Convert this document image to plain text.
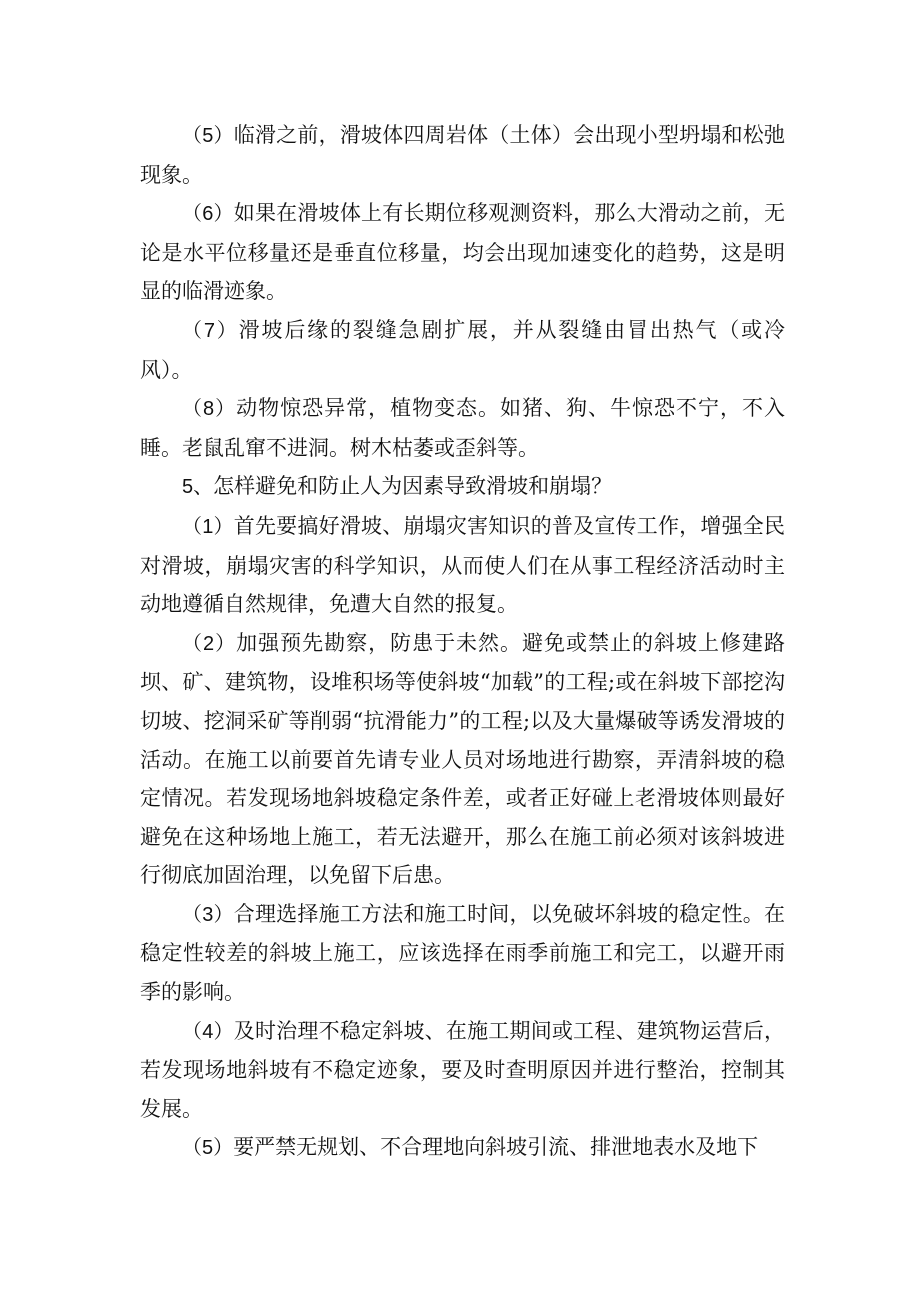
（5）临滑之前，滑坡体四周岩体（土体）会出现小型坍塌和松弛现象。

（6）如果在滑坡体上有长期位移观测资料，那么大滑动之前，无论是水平位移量还是垂直位移量，均会出现加速变化的趋势，这是明显的临滑迹象。

（7）滑坡后缘的裂缝急剧扩展，并从裂缝由冒出热气（或冷风）。

（8）动物惊恐异常，植物变态。如猪、狗、牛惊恐不宁，不入睡。老鼠乱窜不进洞。树木枯萎或歪斜等。

5、怎样避免和防止人为因素导致滑坡和崩塌？

（1）首先要搞好滑坡、崩塌灾害知识的普及宣传工作，增强全民对滑坡，崩塌灾害的科学知识，从而使人们在从事工程经济活动时主动地遵循自然规律，免遭大自然的报复。

（2）加强预先勘察，防患于未然。避免或禁止的斜坡上修建路坝、矿、建筑物，设堆积场等使斜坡“加载”的工程;或在斜坡下部挖沟切坡、挖洞采矿等削弱“抗滑能力”的工程;以及大量爆破等诱发滑坡的活动。在施工以前要首先请专业人员对场地进行勘察，弄清斜坡的稳定情况。若发现场地斜坡稳定条件差，或者正好碰上老滑坡体则最好避免在这种场地上施工，若无法避开，那么在施工前必须对该斜坡进行彻底加固治理，以免留下后患。

（3）合理选择施工方法和施工时间，以免破坏斜坡的稳定性。在稳定性较差的斜坡上施工，应该选择在雨季前施工和完工，以避开雨季的影响。

（4）及时治理不稳定斜坡、在施工期间或工程、建筑物运营后，若发现场地斜坡有不稳定迹象，要及时查明原因并进行整治，控制其发展。

（5）要严禁无规划、不合理地向斜坡引流、排泄地表水及地下
